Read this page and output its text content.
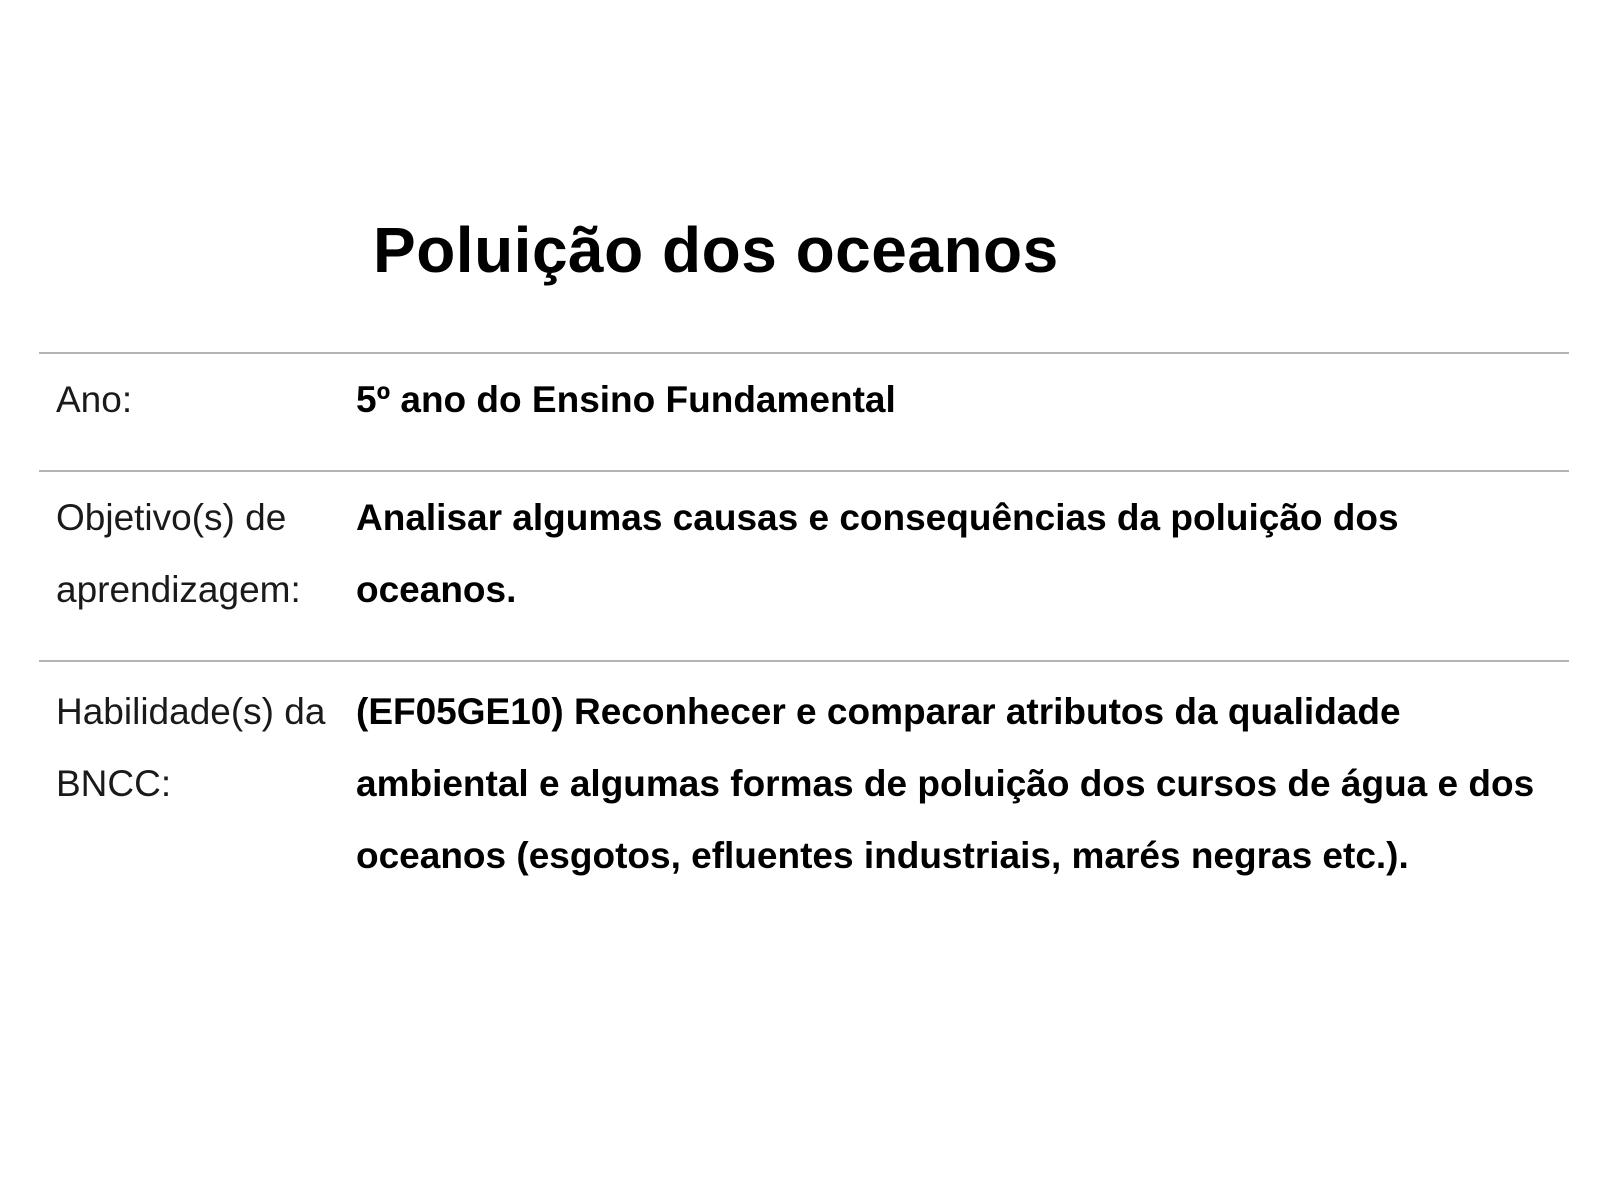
Poluição dos oceanos
Ano:	5º ano do Ensino Fundamental
Objetivo(s) de aprendizagem:
Analisar algumas causas e consequências da poluição dos oceanos.
Habilidade(s) da BNCC:
(EF05GE10) Reconhecer e comparar atributos da qualidade ambiental e algumas formas de poluição dos cursos de água e dos oceanos (esgotos, efluentes industriais, marés negras etc.).
